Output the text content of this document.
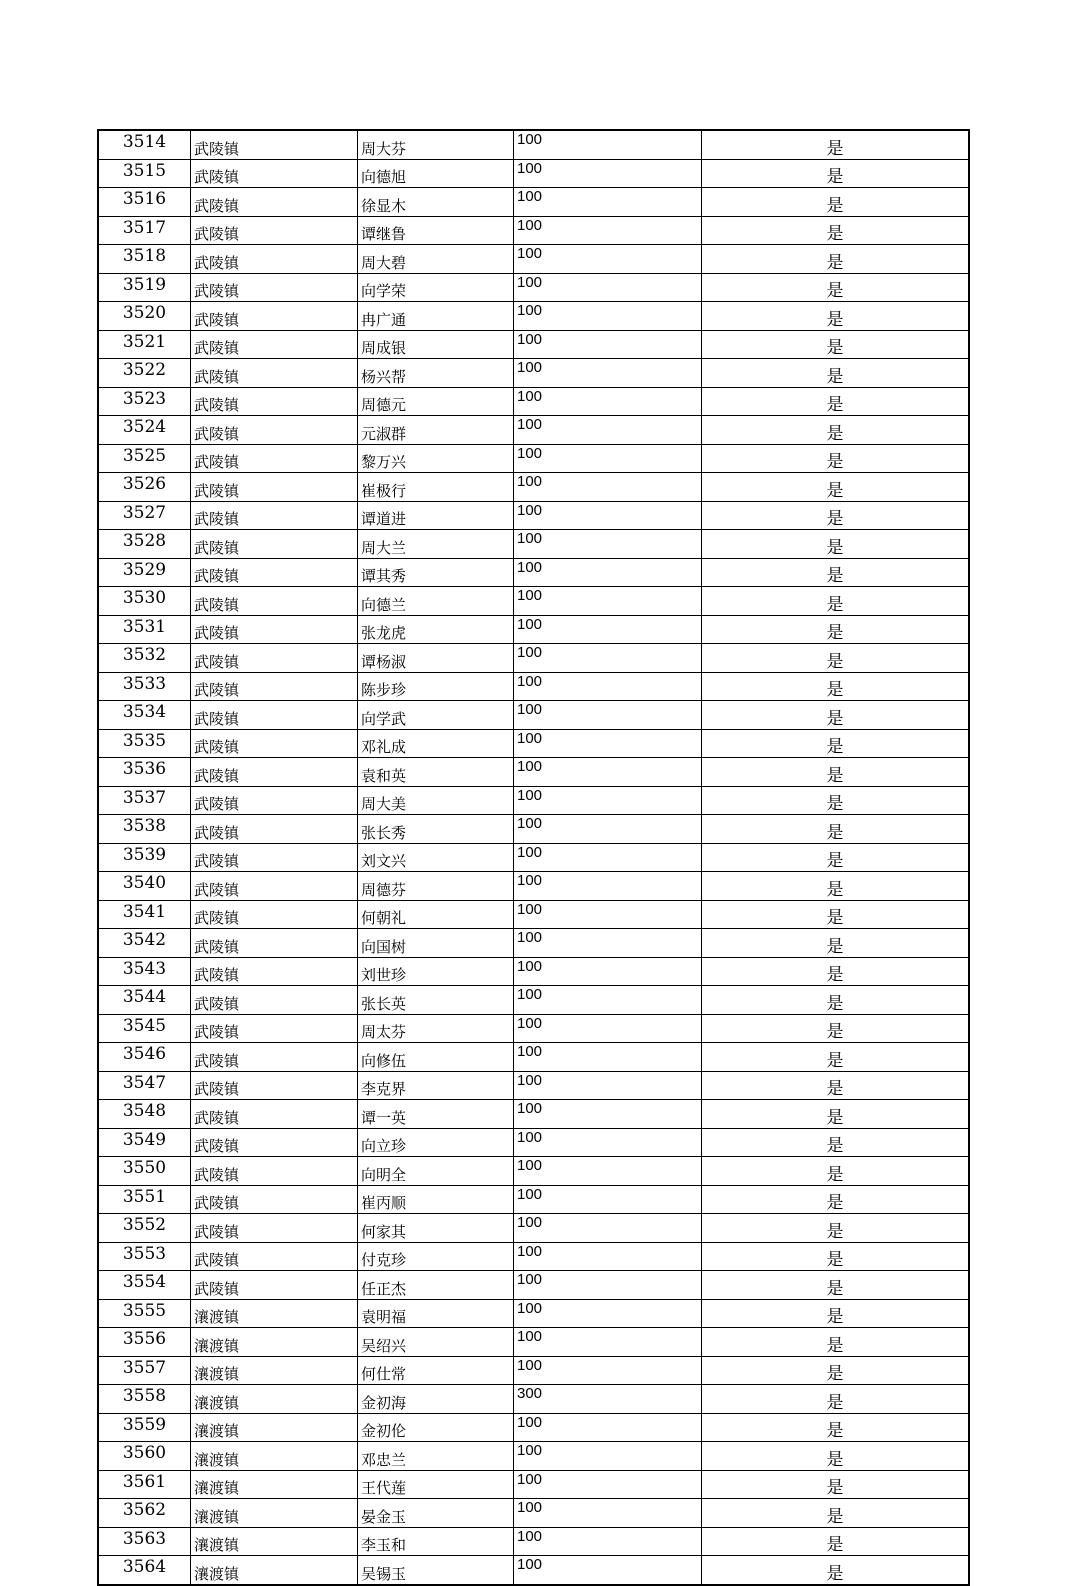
3514	武陵镇	周大芬	100	是
3515	武陵镇	向德旭	100	是
3516	武陵镇	徐显木	100	是
3517	武陵镇	谭继鲁	100	是
3518	武陵镇	周大碧	100	是
3519	武陵镇	向学荣	100	是
3520	武陵镇	冉广通	100	是
3521	武陵镇	周成银	100	是
3522	武陵镇	杨兴帮	100	是
3523	武陵镇	周德元	100	是
3524	武陵镇	元淑群	100	是
3525	武陵镇	黎万兴	100	是
3526	武陵镇	崔极行	100	是
3527	武陵镇	谭道进	100	是
3528	武陵镇	周大兰	100	是
3529	武陵镇	谭其秀	100	是
3530	武陵镇	向德兰	100	是
3531	武陵镇	张龙虎	100	是
3532	武陵镇	谭杨淑	100	是
3533	武陵镇	陈步珍	100	是
3534	武陵镇	向学武	100	是
3535	武陵镇	邓礼成	100	是
3536	武陵镇	袁和英	100	是
3537	武陵镇	周大美	100	是
3538	武陵镇	张长秀	100	是
3539	武陵镇	刘文兴	100	是
3540	武陵镇	周德芬	100	是
3541	武陵镇	何朝礼	100	是
3542	武陵镇	向国树	100	是
3543	武陵镇	刘世珍	100	是
3544	武陵镇	张长英	100	是
3545	武陵镇	周太芬	100	是
3546	武陵镇	向修伍	100	是
3547	武陵镇	李克界	100	是
3548	武陵镇	谭一英	100	是
3549	武陵镇	向立珍	100	是
3550	武陵镇	向明全	100	是
3551	武陵镇	崔丙顺	100	是
3552	武陵镇	何家其	100	是
3553	武陵镇	付克珍	100	是
3554	武陵镇	任正杰	100	是
3555	瀼渡镇	袁明福	100	是
3556	瀼渡镇	吴绍兴	100	是
3557	瀼渡镇	何仕常	100	是
3558	瀼渡镇	金初海	300	是
3559	瀼渡镇	金初伦	100	是
3560	瀼渡镇	邓忠兰	100	是
3561	瀼渡镇	王代莲	100	是
3562	瀼渡镇	晏金玉	100	是
3563	瀼渡镇	李玉和	100	是
3564	瀼渡镇	吴锡玉	100	是
